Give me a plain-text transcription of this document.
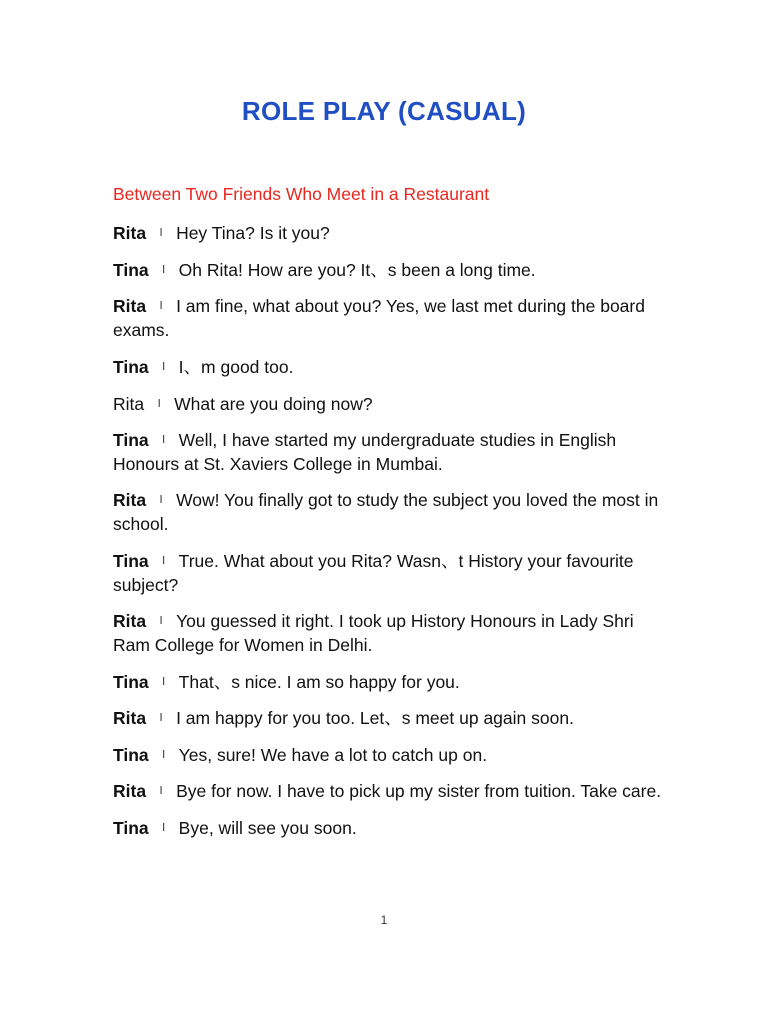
ROLE PLAY (CASUAL)
Between Two Friends Who Meet in a Restaurant
Rita ǀ Hey Tina? Is it you?
Tina ǀ Oh Rita! How are you? It、s been a long time.
Rita ǀ I am fine, what about you? Yes, we last met during the board exams.
Tina ǀ I、m good too.
Rita ǀ What are you doing now?
Tina ǀ Well, I have started my undergraduate studies in English Honours at St. Xaviers College in Mumbai.
Rita ǀ Wow! You finally got to study the subject you loved the most in school.
Tina ǀ True. What about you Rita? Wasn、t History your favourite subject?
Rita ǀ You guessed it right. I took up History Honours in Lady Shri Ram College for Women in Delhi.
Tina ǀ That、s nice. I am so happy for you.
Rita ǀ I am happy for you too. Let、s meet up again soon.
Tina ǀ Yes, sure! We have a lot to catch up on.
Rita ǀ Bye for now. I have to pick up my sister from tuition. Take care.
Tina ǀ Bye, will see you soon.
1
